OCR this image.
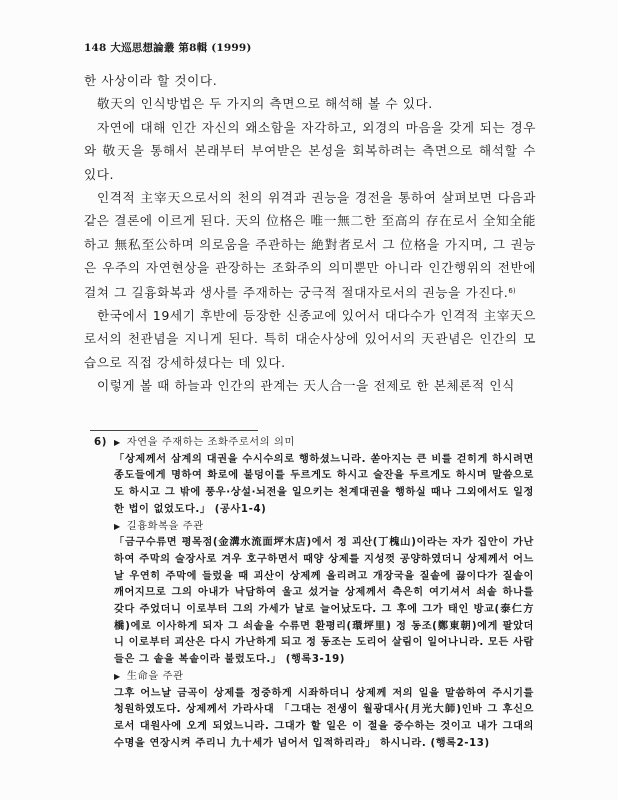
148 大巡思想論叢 第8輯 (1999)

한 사상이라 할 것이다.

敬天의 인식방법은 두 가지의 측면으로 해석해 볼 수 있다.

자연에 대해 인간 자신의 왜소함을 자각하고, 외경의 마음을 갖게 되는 경우와 敬天을 통해서 본래부터 부여받은 본성을 회복하려는 측면으로 해석할 수 있다.

인격적 主宰天으로서의 천의 위격과 권능을 경전을 통하여 살펴보면 다음과 같은 결론에 이르게 된다. 天의 位格은 唯一無二한 至高의 存在로서 全知全能하고 無私至公하며 의로움을 주관하는 絶對者로서 그 位格을 가지며, 그 권능은 우주의 자연현상을 관장하는 조화주의 의미뿐만 아니라 인간행위의 전반에 걸쳐 그 길흉화복과 생사를 주재하는 궁극적 절대자로서의 권능을 가진다.$^{6)}$

한국에서 19세기 후반에 등장한 신종교에 있어서 대다수가 인격적 主宰天으로서의 천관념을 지니게 된다. 특히 대순사상에 있어서의 天관념은 인간의 모습으로 직접 강세하셨다는 데 있다.

이렇게 볼 때 하늘과 인간의 관계는 天人合一을 전제로 한 본체론적 인식

6) ▶ 자연을 주재하는 조화주로서의 의미

「상제께서 삼계의 대권을 수시수의로 행하셨느니라. 쏟아지는 큰 비를 걷히게 하시려면 종도들에게 명하여 화로에 불덩이를 두르게도 하시고 술잔을 두르게도 하시며 말씀으로도 하시고 그 밖에 풍우·상설·뇌전을 일으키는 천계대권을 행하실 때나 그외에서도 일정한 법이 없었도다.」 (공사1-4)

▶ 길흉화복을 주관

「금구수류면 평목점(金溝水流面坪木店)에서 정 괴산(丁槐山)이라는 자가 집안이 가난하여 주막의 술장사로 겨우 호구하면서 때양 상제를 지성껏 공양하였더니 상제께서 어느날 우연히 주막에 들렀을 때 괴산이 상제께 올리려고 개장국을 질솥에 끓이다가 질솥이 깨어지므로 그의 아내가 낙담하여 울고 섰거늘 상제께서 측은히 여기셔서 쇠솥 하나를 갖다 주었더니 이로부터 그의 가세가 날로 늘어났도다. 그 후에 그가 태인 방교(泰仁方橋)에로 이사하게 되자 그 쇠솥을 수류면 환평리(環坪里) 정 동조(鄭東朝)에게 팔았더니 이로부터 괴산은 다시 가난하게 되고 정 동조는 도리어 살림이 일어나니라. 모든 사람들은 그 솥을 복솥이라 불렀도다.」 (행록3-19)

▶ 生命을 주관

그후 어느날 금곡이 상제를 정중하게 시좌하더니 상제께 저의 일을 말씀하여 주시기를 청원하였도다. 상제께서 가라사대 「그대는 전생이 월광대사(月光大師)인바 그 후신으로서 대원사에 오게 되었느니라. 그대가 할 일은 이 절을 중수하는 것이고 내가 그대의 수명을 연장시켜 주리니 九十세가 넘어서 입적하리라」 하시니라. (행록2-13)
